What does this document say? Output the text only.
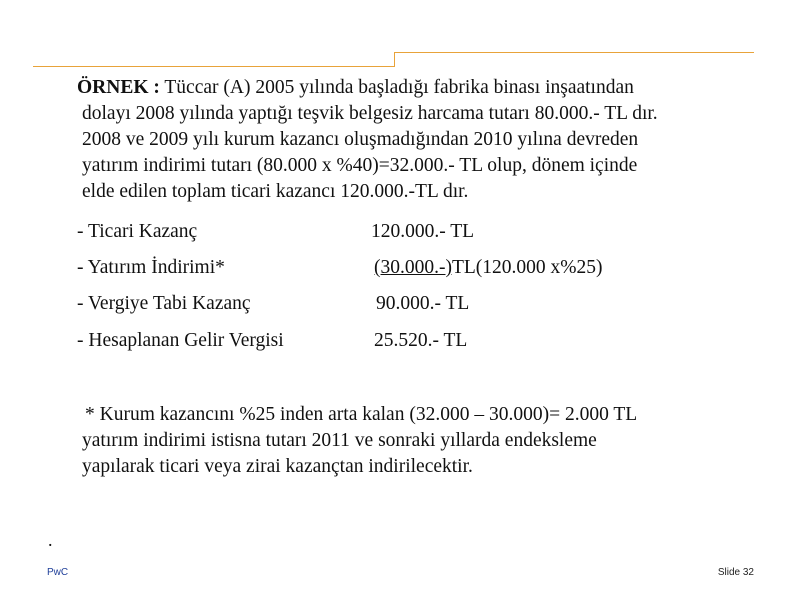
ÖRNEK : Tüccar (A) 2005 yılında başladığı fabrika binası inşaatından
dolayı 2008 yılında yaptığı teşvik belgesiz harcama tutarı 80.000.- TL dır.
2008 ve 2009 yılı kurum kazancı oluşmadığından 2010 yılına devreden
yatırım indirimi tutarı (80.000 x %40)=32.000.- TL olup, dönem içinde
elde edilen toplam ticari kazancı 120.000.-TL dır.
- Ticari Kazanç	120.000.- TL
- Yatırım İndirimi*	(30.000.-)TL(120.000 x%25)
- Vergiye Tabi Kazanç	90.000.- TL
- Hesaplanan Gelir Vergisi	25.520.- TL
* Kurum kazancını %25 inden arta kalan (32.000 – 30.000)= 2.000 TL
yatırım indirimi istisna tutarı 2011 ve sonraki yıllarda endeksleme
yapılarak ticari veya zirai kazançtan indirilecektir.
.
PwC	Slide 32
